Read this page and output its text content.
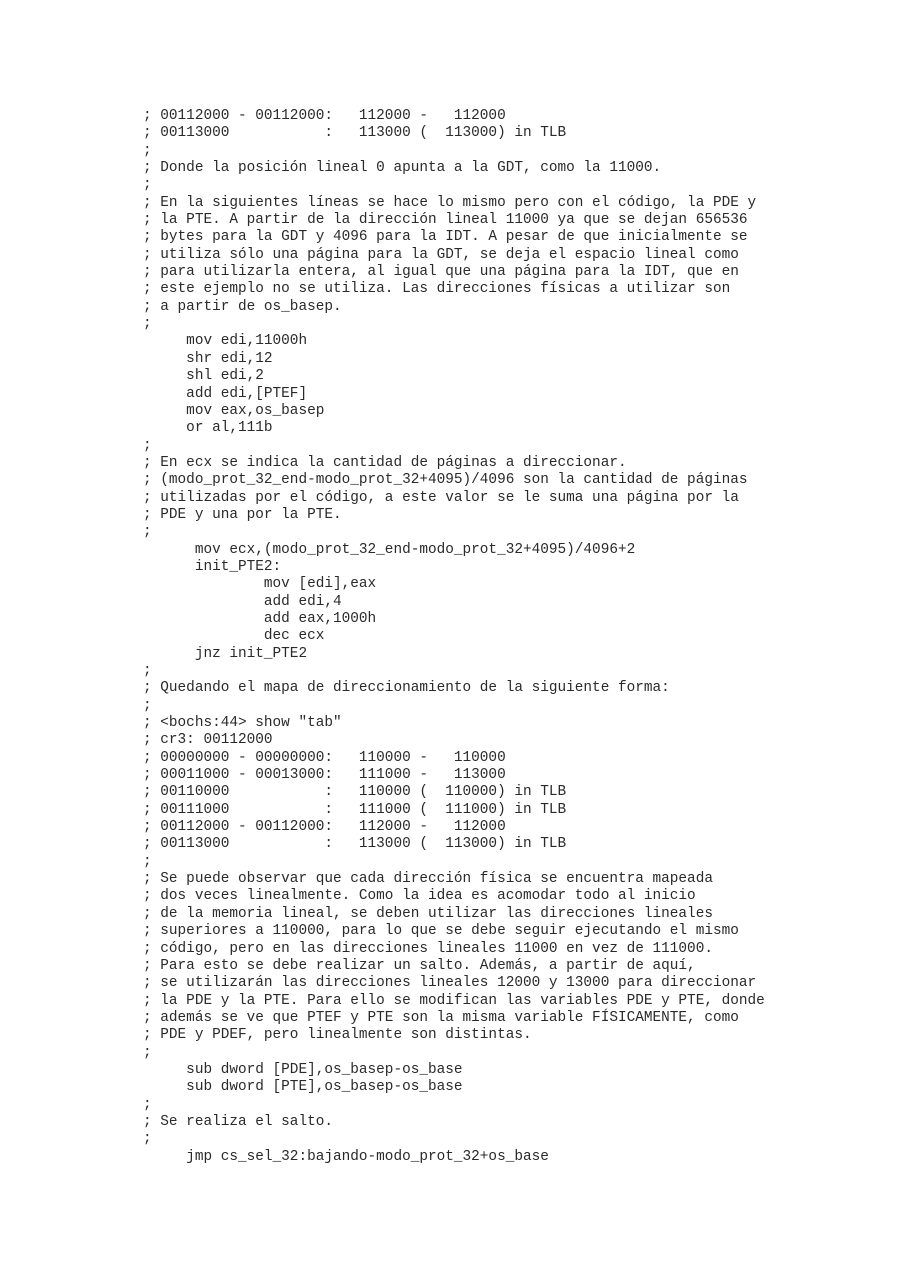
; 00112000 - 00112000:   112000 -   112000
; 00113000           :   113000 (  113000) in TLB
;
; Donde la posición lineal 0 apunta a la GDT, como la 11000.
;
; En la siguientes líneas se hace lo mismo pero con el código, la PDE y
; la PTE. A partir de la dirección lineal 11000 ya que se dejan 656536
; bytes para la GDT y 4096 para la IDT. A pesar de que inicialmente se
; utiliza sólo una página para la GDT, se deja el espacio lineal como
; para utilizarla entera, al igual que una página para la IDT, que en
; este ejemplo no se utiliza. Las direcciones físicas a utilizar son
; a partir de os_basep.
;
mov edi,11000h
shr edi,12
shl edi,2
add edi,[PTEF]
mov eax,os_basep
or al,111b
;
; En ecx se indica la cantidad de páginas a direccionar.
; (modo_prot_32_end-modo_prot_32+4095)/4096 son la cantidad de páginas
; utilizadas por el código, a este valor se le suma una página por la
; PDE y una por la PTE.
;
mov ecx,(modo_prot_32_end-modo_prot_32+4095)/4096+2
init_PTE2:
mov [edi],eax
add edi,4
add eax,1000h
dec ecx
jnz init_PTE2
;
; Quedando el mapa de direccionamiento de la siguiente forma:
;
; <bochs:44> show "tab"
; cr3: 00112000
; 00000000 - 00000000:   110000 -   110000
; 00011000 - 00013000:   111000 -   113000
; 00110000           :   110000 (  110000) in TLB
; 00111000           :   111000 (  111000) in TLB
; 00112000 - 00112000:   112000 -   112000
; 00113000           :   113000 (  113000) in TLB
;
; Se puede observar que cada dirección física se encuentra mapeada
; dos veces linealmente. Como la idea es acomodar todo al inicio
; de la memoria lineal, se deben utilizar las direcciones lineales
; superiores a 110000, para lo que se debe seguir ejecutando el mismo
; código, pero en las direcciones lineales 11000 en vez de 111000.
; Para esto se debe realizar un salto. Además, a partir de aquí,
; se utilizarán las direcciones lineales 12000 y 13000 para direccionar
; la PDE y la PTE. Para ello se modifican las variables PDE y PTE, donde
; además se ve que PTEF y PTE son la misma variable FÍSICAMENTE, como
; PDE y PDEF, pero linealmente son distintas.
;
sub dword [PDE],os_basep-os_base
sub dword [PTE],os_basep-os_base
;
; Se realiza el salto.
;
jmp cs_sel_32:bajando-modo_prot_32+os_base
